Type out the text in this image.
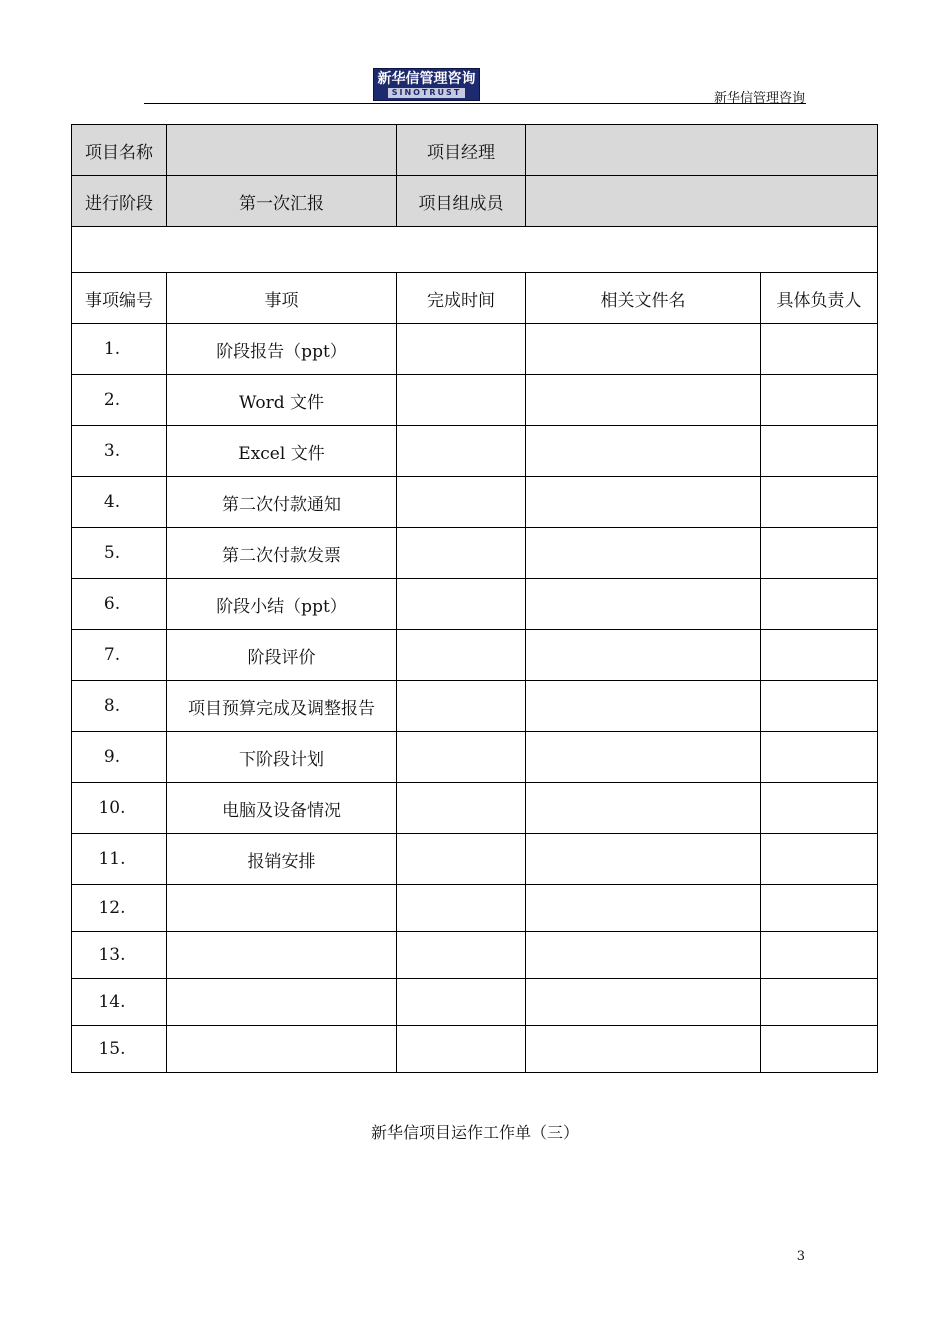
新华信管理咨询
SINOTRUST	新华信管理咨询
项目名称		项目经理		
进行阶段	第一次汇报	项目组成员		

事项编号	事项	完成时间	相关文件名	具体负责人
1.	阶段报告（ppt）			
2.	Word 文件			
3.	Excel 文件			
4.	第二次付款通知			
5.	第二次付款发票			
6.	阶段小结（ppt）			
7.	阶段评价			
8.	项目预算完成及调整报告			
9.	下阶段计划			
10.	电脑及设备情况			
11.	报销安排			
12.				
13.				
14.				
15.				
新华信项目运作工作单（三）
3
